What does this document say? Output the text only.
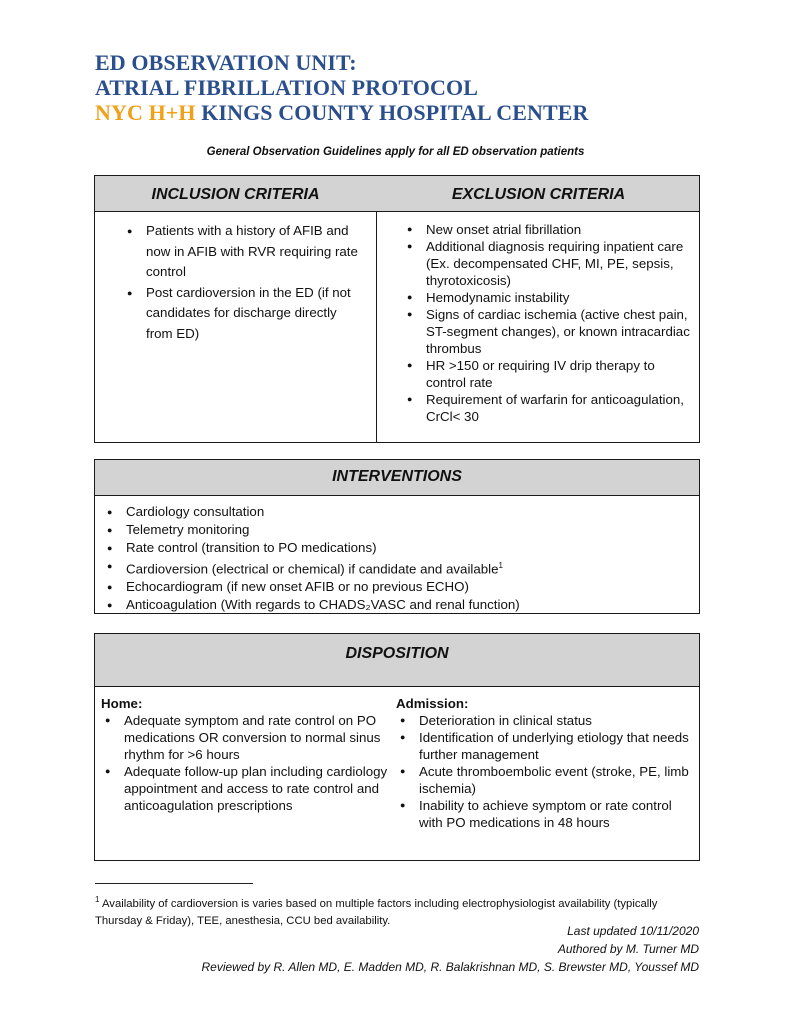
ED OBSERVATION UNIT:
ATRIAL FIBRILLATION PROTOCOL
NYC H+H KINGS COUNTY HOSPITAL CENTER
General Observation Guidelines apply for all ED observation patients
INCLUSION CRITERIA	EXCLUSION CRITERIA
● Patients with a history of AFIB and now in AFIB with RVR requiring rate control
● Post cardioversion in the ED (if not candidates for discharge directly from ED)
● New onset atrial fibrillation
● Additional diagnosis requiring inpatient care (Ex. decompensated CHF, MI, PE, sepsis, thyrotoxicosis)
● Hemodynamic instability
● Signs of cardiac ischemia (active chest pain, ST-segment changes), or known intracardiac thrombus
● HR >150 or requiring IV drip therapy to control rate
● Requirement of warfarin for anticoagulation, CrCl< 30
INTERVENTIONS
● Cardiology consultation
● Telemetry monitoring
● Rate control (transition to PO medications)
● Cardioversion (electrical or chemical) if candidate and available$^1$
● Echocardiogram (if new onset AFIB or no previous ECHO)
● Anticoagulation (With regards to CHADS₂VASC and renal function)
DISPOSITION
Home:
● Adequate symptom and rate control on PO medications OR conversion to normal sinus rhythm for >6 hours
● Adequate follow-up plan including cardiology appointment and access to rate control and anticoagulation prescriptions
Admission:
● Deterioration in clinical status
● Identification of underlying etiology that needs further management
● Acute thromboembolic event (stroke, PE, limb ischemia)
● Inability to achieve symptom or rate control with PO medications in 48 hours
$^1$ Availability of cardioversion is varies based on multiple factors including electrophysiologist availability (typically Thursday & Friday), TEE, anesthesia, CCU bed availability.
Last updated 10/11/2020
Authored by M. Turner MD
Reviewed by R. Allen MD, E. Madden MD, R. Balakrishnan MD, S. Brewster MD, Youssef MD
